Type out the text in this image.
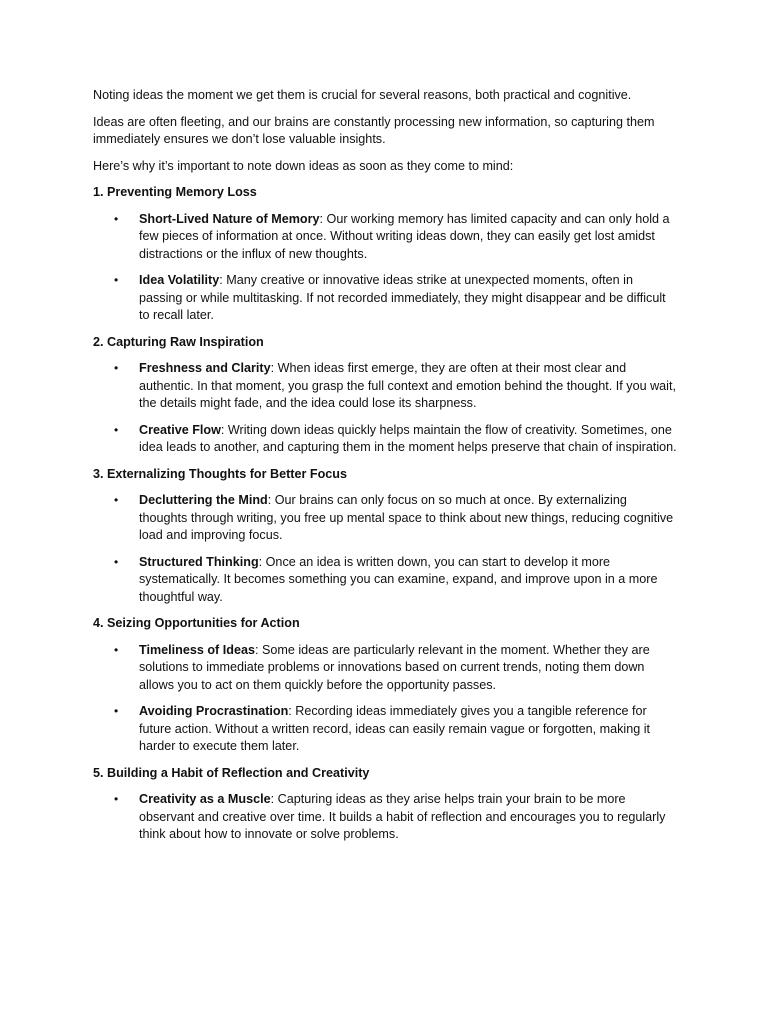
Noting ideas the moment we get them is crucial for several reasons, both practical and cognitive.

Ideas are often fleeting, and our brains are constantly processing new information, so capturing them immediately ensures we don’t lose valuable insights.

Here’s why it’s important to note down ideas as soon as they come to mind:

1. Preventing Memory Loss

• Short-Lived Nature of Memory: Our working memory has limited capacity and can only hold a few pieces of information at once. Without writing ideas down, they can easily get lost amidst distractions or the influx of new thoughts.
• Idea Volatility: Many creative or innovative ideas strike at unexpected moments, often in passing or while multitasking. If not recorded immediately, they might disappear and be difficult to recall later.

2. Capturing Raw Inspiration

• Freshness and Clarity: When ideas first emerge, they are often at their most clear and authentic. In that moment, you grasp the full context and emotion behind the thought. If you wait, the details might fade, and the idea could lose its sharpness.
• Creative Flow: Writing down ideas quickly helps maintain the flow of creativity. Sometimes, one idea leads to another, and capturing them in the moment helps preserve that chain of inspiration.

3. Externalizing Thoughts for Better Focus

• Decluttering the Mind: Our brains can only focus on so much at once. By externalizing thoughts through writing, you free up mental space to think about new things, reducing cognitive load and improving focus.
• Structured Thinking: Once an idea is written down, you can start to develop it more systematically. It becomes something you can examine, expand, and improve upon in a more thoughtful way.

4. Seizing Opportunities for Action

• Timeliness of Ideas: Some ideas are particularly relevant in the moment. Whether they are solutions to immediate problems or innovations based on current trends, noting them down allows you to act on them quickly before the opportunity passes.
• Avoiding Procrastination: Recording ideas immediately gives you a tangible reference for future action. Without a written record, ideas can easily remain vague or forgotten, making it harder to execute them later.

5. Building a Habit of Reflection and Creativity

• Creativity as a Muscle: Capturing ideas as they arise helps train your brain to be more observant and creative over time. It builds a habit of reflection and encourages you to regularly think about how to innovate or solve problems.
